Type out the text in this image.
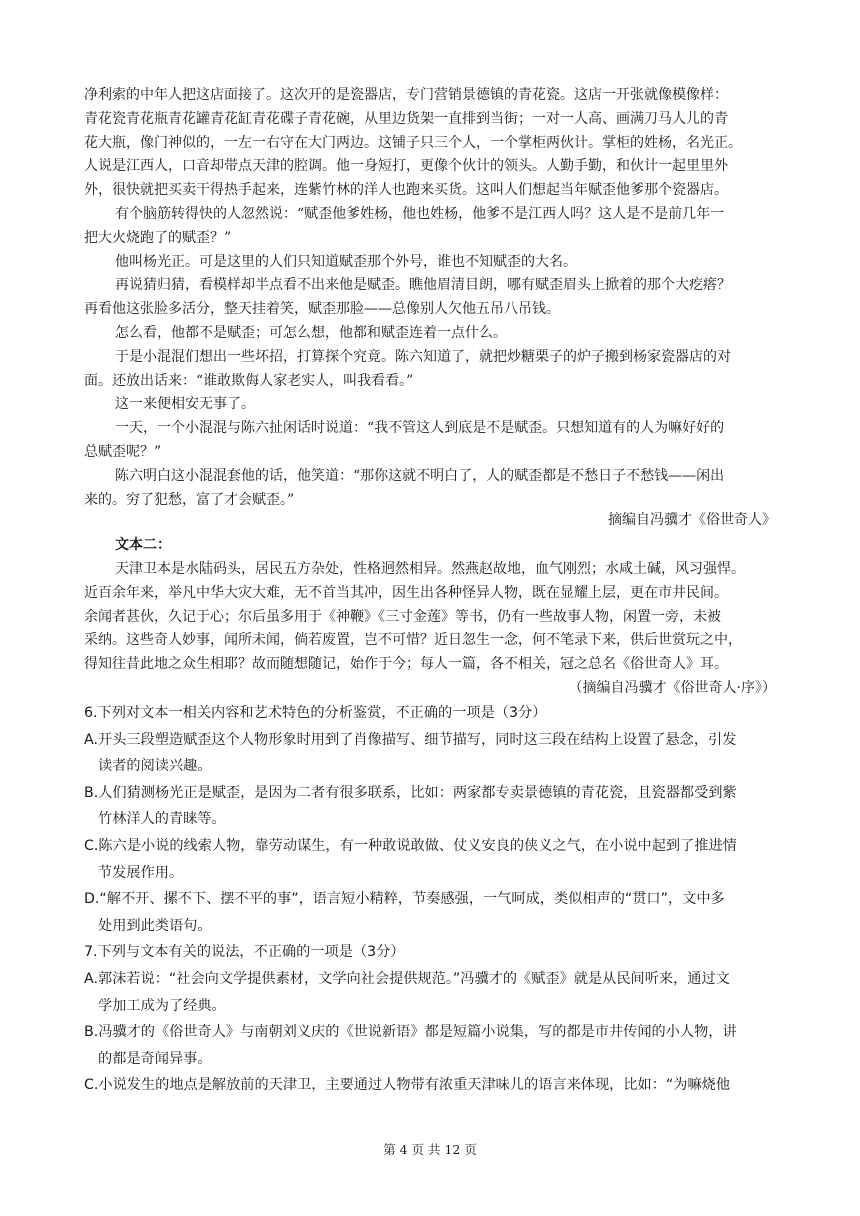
净利索的中年人把这店面接了。这次开的是瓷器店，专门营销景德镇的青花瓷。这店一开张就像模像样：
青花瓷青花瓶青花罐青花缸青花碟子青花碗，从里边货架一直排到当街；一对一人高、画满刀马人儿的青
花大瓶，像门神似的，一左一右守在大门两边。这铺子只三个人，一个掌柜两伙计。掌柜的姓杨，名光正。
人说是江西人，口音却带点天津的腔调。他一身短打，更像个伙计的领头。人勤手勤，和伙计一起里里外
外，很快就把买卖干得热手起来，连紫竹林的洋人也跑来买货。这叫人们想起当年赋歪他爹那个瓷器店。
有个脑筋转得快的人忽然说：“赋歪他爹姓杨，他也姓杨，他爹不是江西人吗？这人是不是前几年一
把大火烧跑了的赋歪？”
他叫杨光正。可是这里的人们只知道赋歪那个外号，谁也不知赋歪的大名。
再说猜归猜，看模样却半点看不出来他是赋歪。瞧他眉清目朗，哪有赋歪眉头上掀着的那个大疙瘩？
再看他这张脸多活分，整天挂着笑，赋歪那脸——总像别人欠他五吊八吊钱。
怎么看，他都不是赋歪；可怎么想，他都和赋歪连着一点什么。
于是小混混们想出一些坏招，打算探个究竟。陈六知道了，就把炒糖栗子的炉子搬到杨家瓷器店的对
面。还放出话来：“谁敢欺侮人家老实人，叫我看看。”
这一来便相安无事了。
一天，一个小混混与陈六扯闲话时说道：“我不管这人到底是不是赋歪。只想知道有的人为嘛好好的
总赋歪呢？”
陈六明白这小混混套他的话，他笑道：“那你这就不明白了，人的赋歪都是不愁日子不愁钱——闲出
来的。穷了犯愁，富了才会赋歪。”
摘编自冯骥才《俗世奇人》
文本二：
天津卫本是水陆码头，居民五方杂处，性格迥然相异。然燕赵故地，血气刚烈；水咸土碱，风习强悍。
近百余年来，举凡中华大灾大难，无不首当其冲，因生出各种怪异人物，既在显耀上层，更在市井民间。
余闻者甚伙，久记于心；尔后虽多用于《神鞭》《三寸金莲》等书，仍有一些故事人物，闲置一旁，未被
采纳。这些奇人妙事，闻所未闻，倘若废置，岂不可惜？近日忽生一念，何不笔录下来，供后世赏玩之中，
得知往昔此地之众生相耶？故而随想随记，始作于今；每人一篇，各不相关，冠之总名《俗世奇人》耳。
（摘编自冯骥才《俗世奇人·序》）
6.下列对文本一相关内容和艺术特色的分析鉴赏，不正确的一项是（3分）
A.开头三段塑造赋歪这个人物形象时用到了肖像描写、细节描写，同时这三段在结构上设置了悬念，引发
读者的阅读兴趣。
B.人们猜测杨光正是赋歪，是因为二者有很多联系，比如：两家都专卖景德镇的青花瓷，且瓷器都受到紫
竹林洋人的青睐等。
C.陈六是小说的线索人物，靠劳动谋生，有一种敢说敢做、仗义安良的侠义之气，在小说中起到了推进情
节发展作用。
D.“解不开、摞不下、摆不平的事”，语言短小精粹，节奏感强，一气呵成，类似相声的“贯口”，文中多
处用到此类语句。
7.下列与文本有关的说法，不正确的一项是（3分）
A.郭沫若说：“社会向文学提供素材，文学向社会提供规范。”冯骥才的《赋歪》就是从民间听来，通过文
学加工成为了经典。
B.冯骥才的《俗世奇人》与南朝刘义庆的《世说新语》都是短篇小说集，写的都是市井传闻的小人物，讲
的都是奇闻异事。
C.小说发生的地点是解放前的天津卫，主要通过人物带有浓重天津味儿的语言来体现，比如：“为嘛烧他
第 4 页 共 12 页
